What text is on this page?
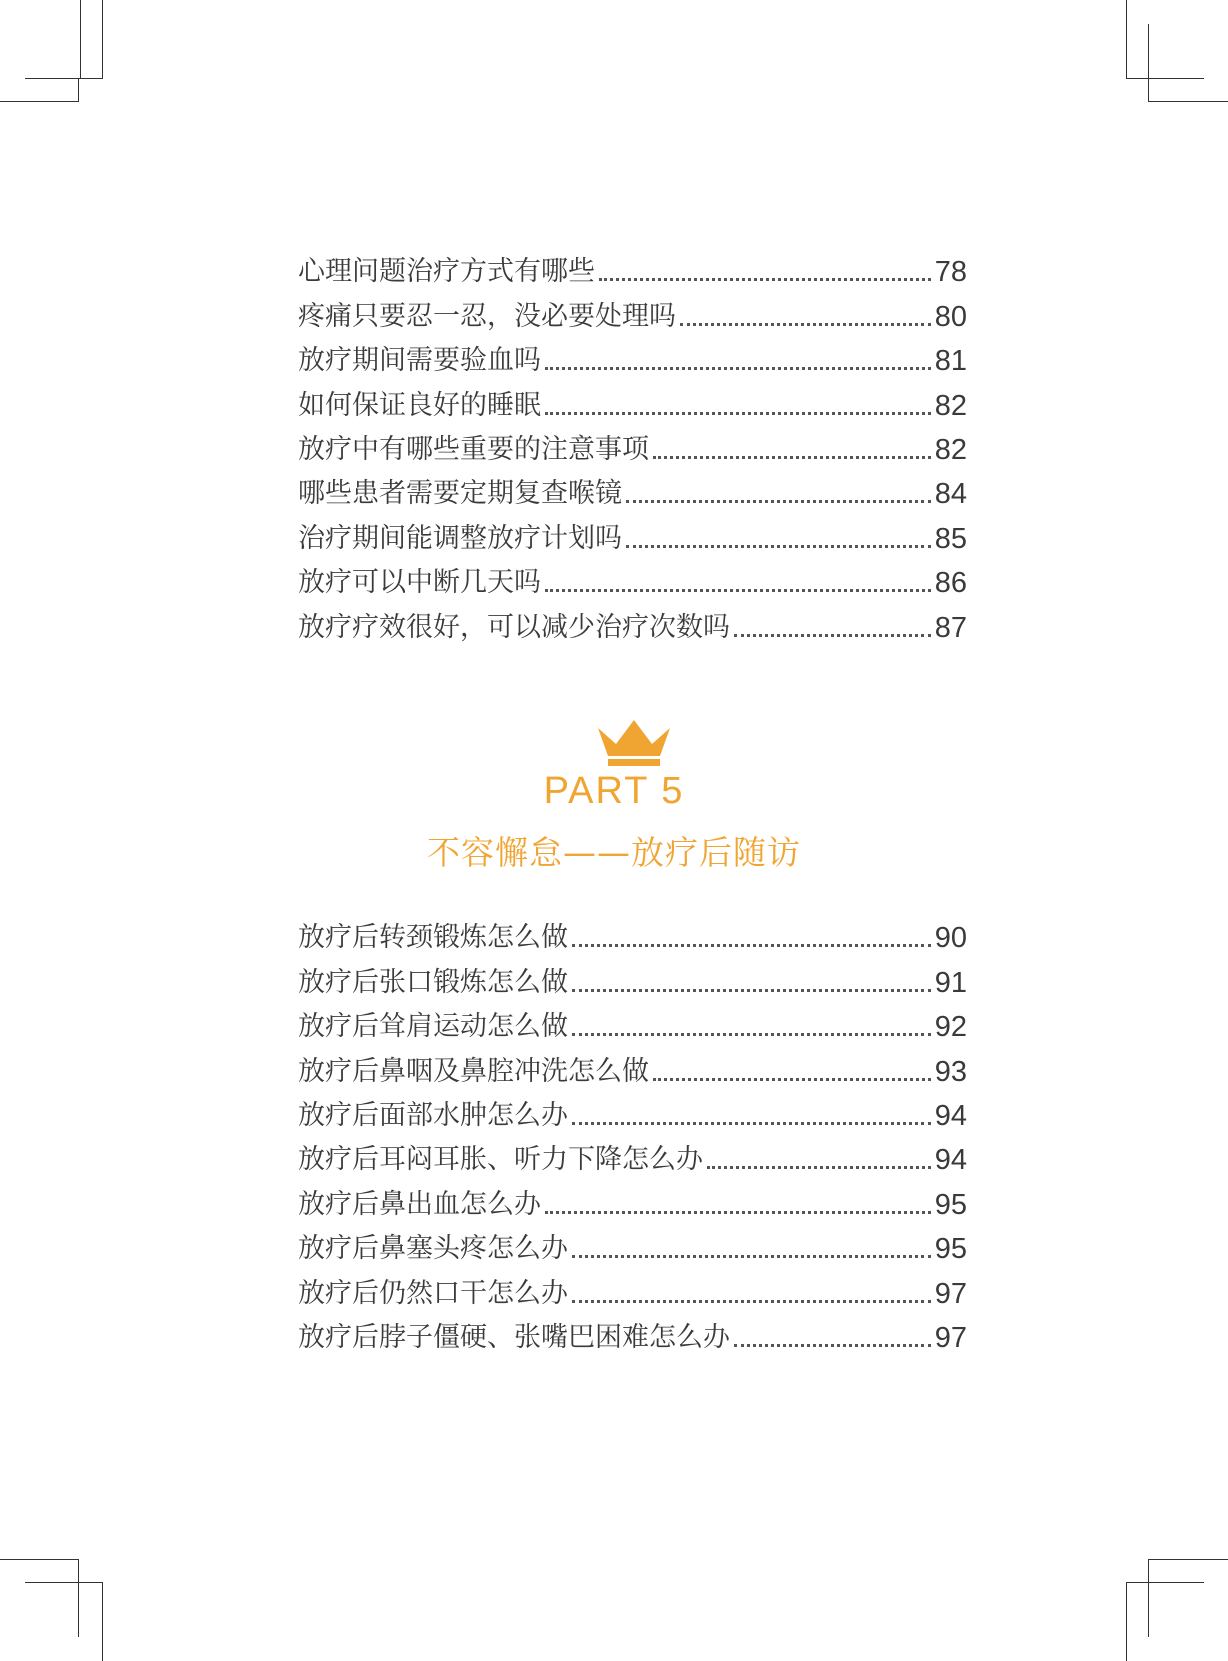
心理问题治疗方式有哪些	78
疼痛只要忍一忍，没必要处理吗	80
放疗期间需要验血吗	81
如何保证良好的睡眠	82
放疗中有哪些重要的注意事项	82
哪些患者需要定期复查喉镜	84
治疗期间能调整放疗计划吗	85
放疗可以中断几天吗	86
放疗疗效很好，可以减少治疗次数吗	87
PART 5
不容懈怠——放疗后随访
放疗后转颈锻炼怎么做	90
放疗后张口锻炼怎么做	91
放疗后耸肩运动怎么做	92
放疗后鼻咽及鼻腔冲洗怎么做	93
放疗后面部水肿怎么办	94
放疗后耳闷耳胀、听力下降怎么办	94
放疗后鼻出血怎么办	95
放疗后鼻塞头疼怎么办	95
放疗后仍然口干怎么办	97
放疗后脖子僵硬、张嘴巴困难怎么办	97
